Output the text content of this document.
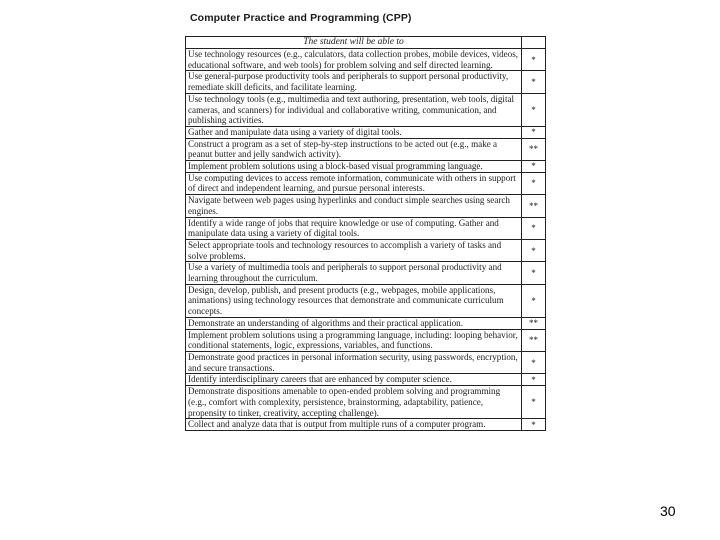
Computer Practice and Programming (CPP)
The student will be able to	
Use technology resources (e.g., calculators, data collection probes, mobile devices, videos, educational software, and web tools) for problem solving and self directed learning.	*
Use general-purpose productivity tools and peripherals to support personal productivity, remediate skill deficits, and facilitate learning.	*
Use technology tools (e.g., multimedia and text authoring, presentation, web tools, digital cameras, and scanners) for individual and collaborative writing, communication, and publishing activities.	*
Gather and manipulate data using a variety of digital tools.	*
Construct a program as a set of step-by-step instructions to be acted out (e.g., make a peanut butter and jelly sandwich activity).	**
Implement problem solutions using a block-based visual programming language.	*
Use computing devices to access remote information, communicate with others in support of direct and independent learning, and pursue personal interests.	*
Navigate between web pages using hyperlinks and conduct simple searches using search engines.	**
Identify a wide range of jobs that require knowledge or use of computing. Gather and manipulate data using a variety of digital tools.	*
Select appropriate tools and technology resources to accomplish a variety of tasks and solve problems.	*
Use a variety of multimedia tools and peripherals to support personal productivity and learning throughout the curriculum.	*
Design, develop, publish, and present products (e.g., webpages, mobile applications, animations) using technology resources that demonstrate and communicate curriculum concepts.	*
Demonstrate an understanding of algorithms and their practical application.	**
Implement problem solutions using a programming language, including: looping behavior, conditional statements, logic, expressions, variables, and functions.	**
Demonstrate good practices in personal information security, using passwords, encryption, and secure transactions.	*
Identify interdisciplinary careers that are enhanced by computer science.	*
Demonstrate dispositions amenable to open-ended problem solving and programming (e.g., comfort with complexity, persistence, brainstorming, adaptability, patience, propensity to tinker, creativity, accepting challenge).	*
Collect and analyze data that is output from multiple runs of a computer program.	*
30
